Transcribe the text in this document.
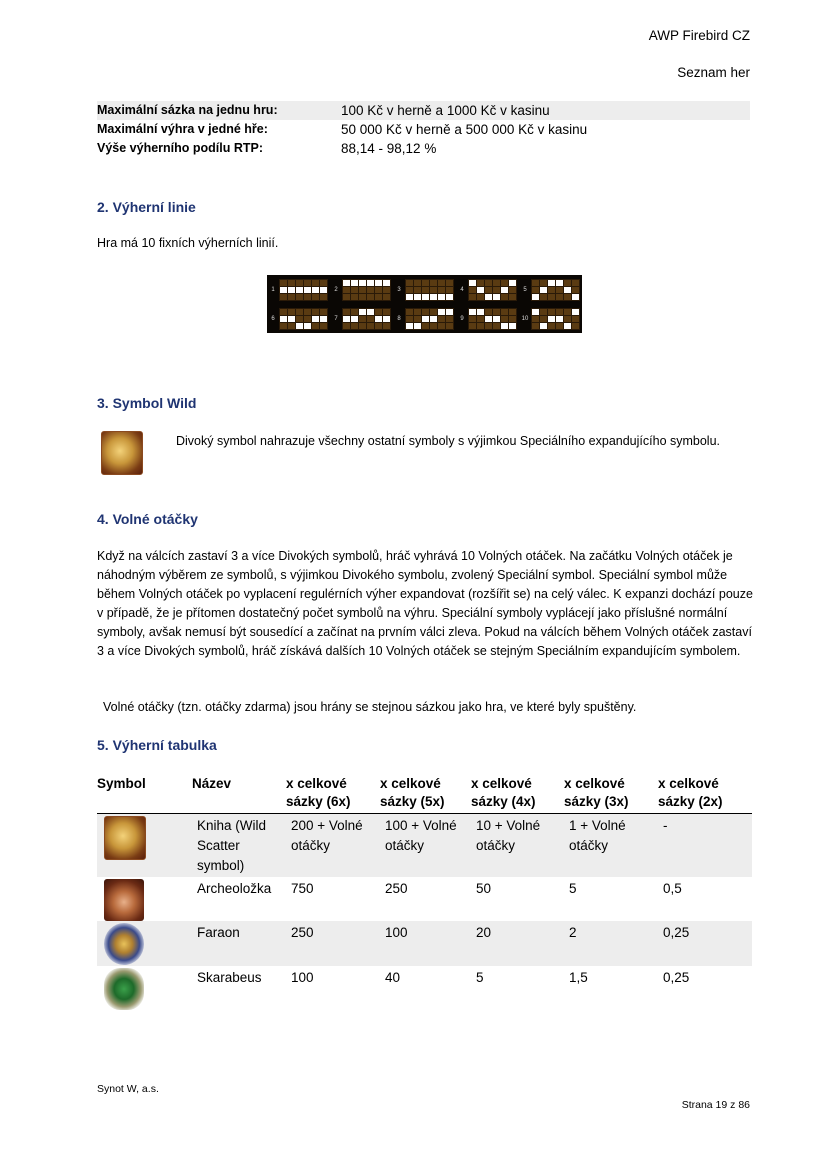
AWP Firebird CZ
Seznam her
Maximální sázka na jednu hru:	100 Kč v herně a 1000 Kč v kasinu
Maximální výhra v jedné hře:	50 000 Kč v herně a 500 000 Kč v kasinu
Výše výherního podílu RTP:	88,14 - 98,12 %
2. Výherní linie
Hra má 10 fixních výherních linií.
1	2	3	4	5
6	7	8	9	10
3. Symbol Wild
Divoký symbol nahrazuje všechny ostatní symboly s výjimkou Speciálního expandujícího symbolu.
4. Volné otáčky
Když na válcích zastaví 3 a více Divokých symbolů, hráč vyhrává 10 Volných otáček. Na začátku Volných otáček je náhodným výběrem ze symbolů, s výjimkou Divokého symbolu, zvolený Speciální symbol. Speciální symbol může během Volných otáček po vyplacení regulérních výher expandovat (rozšířit se) na celý válec. K expanzi dochází pouze v případě, že je přítomen dostatečný počet symbolů na výhru. Speciální symboly vyplácejí jako příslušné normální symboly, avšak nemusí být sousedící a začínat na prvním válci zleva. Pokud na válcích během Volných otáček zastaví 3 a více Divokých symbolů, hráč získává dalších 10 Volných otáček se stejným Speciálním expandujícím symbolem.
Volné otáčky (tzn. otáčky zdarma) jsou hrány se stejnou sázkou jako hra, ve které byly spuštěny.
5. Výherní tabulka
Symbol	Název	x celkové sázky (6x)	x celkové sázky (5x)	x celkové sázky (4x)	x celkové sázky (3x)	x celkové sázky (2x)

	Kniha (Wild Scatter symbol)	200 + Volné otáčky	100 + Volné otáčky	10 + Volné otáčky	1 + Volné otáčky	-

	Archeoložka	750	250	50	5	0,5

	Faraon	250	100	20	2	0,25

	Skarabeus	100	40	5	1,5	0,25
Synot W, a.s.
Strana 19 z 86
